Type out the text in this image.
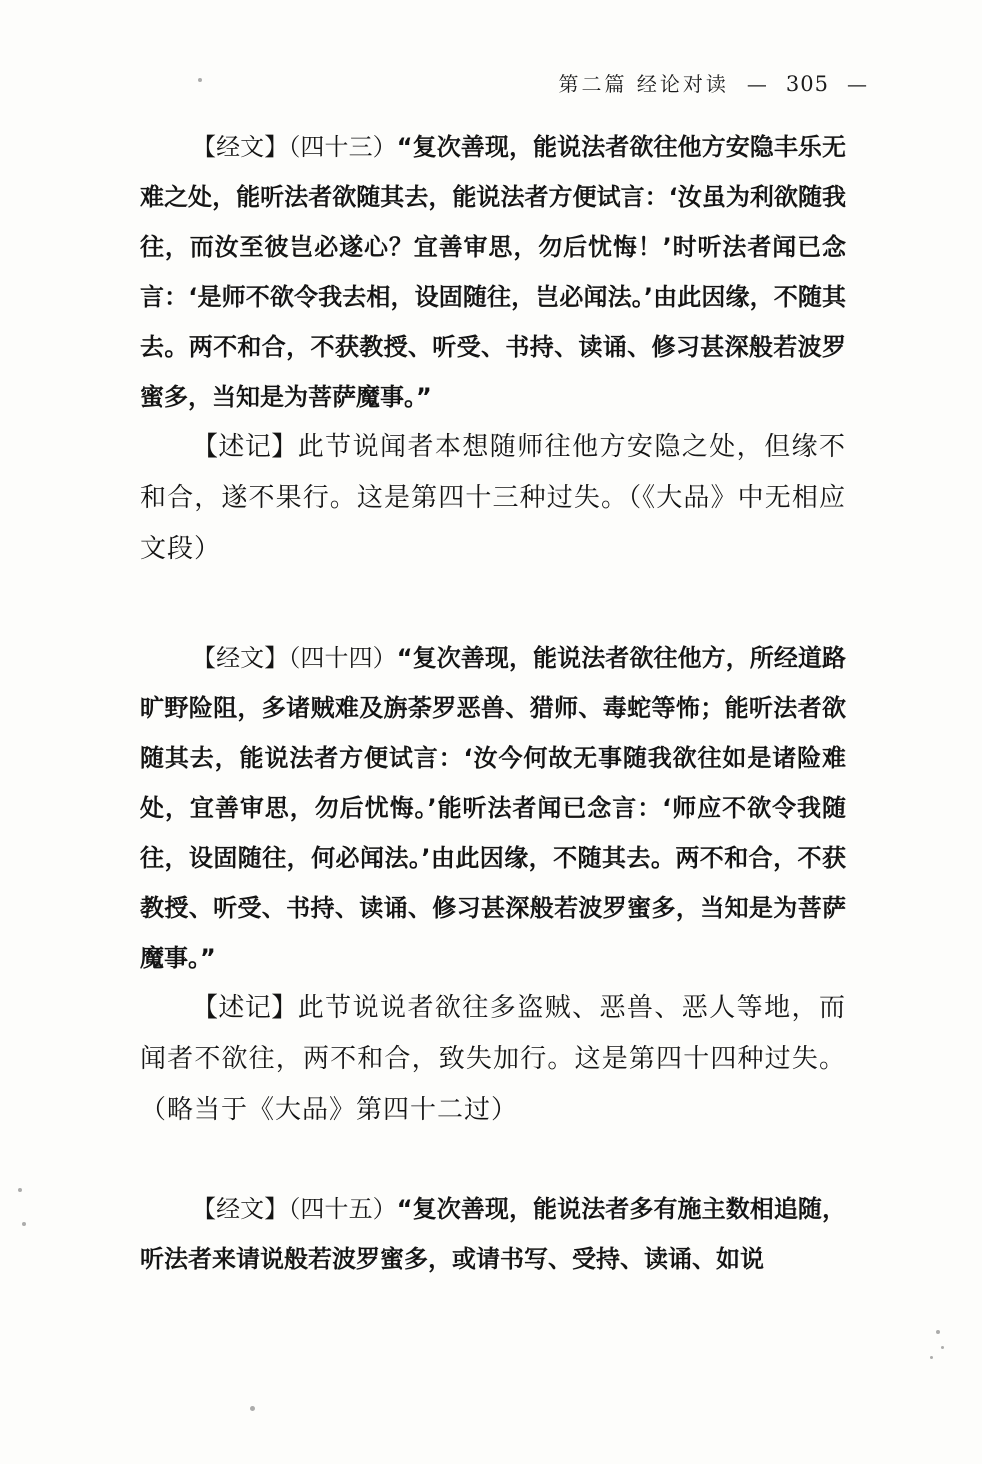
第二篇 经论对读 — 305 —

【经文】（四十三）“复次善现，能说法者欲往他方安隐丰乐无难之处，能听法者欲随其去，能说法者方便试言：‘汝虽为利欲随我往，而汝至彼岂必遂心？宜善审思，勿后忧悔！’时听法者闻已念言：‘是师不欲令我去相，设固随往，岂必闻法。’由此因缘，不随其去。两不和合，不获教授、听受、书持、读诵、修习甚深般若波罗蜜多，当知是为菩萨魔事。”

【述记】此节说闻者本想随师往他方安隐之处，但缘不和合，遂不果行。这是第四十三种过失。（《大品》中无相应文段）

【经文】（四十四）“复次善现，能说法者欲往他方，所经道路旷野险阻，多诸贼难及旃荼罗恶兽、猎师、毒蛇等怖；能听法者欲随其去，能说法者方便试言：‘汝今何故无事随我欲往如是诸险难处，宜善审思，勿后忧悔。’能听法者闻已念言：‘师应不欲令我随往，设固随往，何必闻法。’由此因缘，不随其去。两不和合，不获教授、听受、书持、读诵、修习甚深般若波罗蜜多，当知是为菩萨魔事。”

【述记】此节说说者欲往多盗贼、恶兽、恶人等地，而闻者不欲往，两不和合，致失加行。这是第四十四种过失。（略当于《大品》第四十二过）

【经文】（四十五）“复次善现，能说法者多有施主数相追随，听法者来请说般若波罗蜜多，或请书写、受持、读诵、如说
